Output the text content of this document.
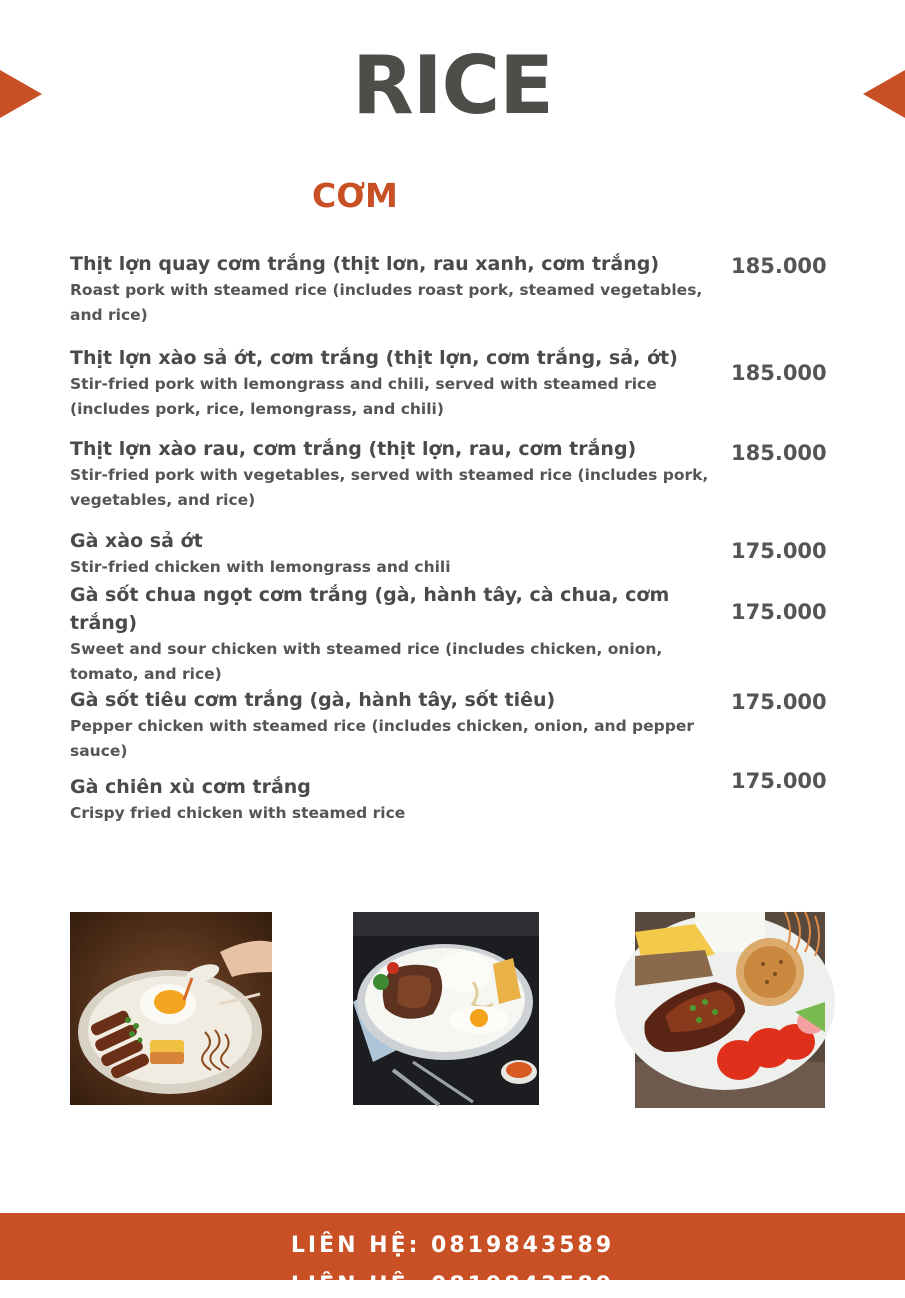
RICE
CƠM
Thịt lợn quay cơm trắng (thịt lơn, rau xanh, cơm trắng)
Roast pork with steamed rice (includes roast pork, steamed vegetables, and rice)
185.000
Thịt lợn xào sả ớt, cơm trắng (thịt lợn, cơm trắng, sả, ớt)
Stir-fried pork with lemongrass and chili, served with steamed rice (includes pork, rice, lemongrass, and chili)
185.000
Thịt lợn xào rau, cơm trắng (thịt lợn, rau, cơm trắng)
Stir-fried pork with vegetables, served with steamed rice (includes pork, vegetables, and rice)
185.000
Gà xào sả ớt
Stir-fried chicken with lemongrass and chili
175.000
Gà sốt chua ngọt cơm trắng (gà, hành tây, cà chua, cơm trắng)
Sweet and sour chicken with steamed rice (includes chicken, onion, tomato, and rice)
175.000
Gà sốt tiêu cơm trắng (gà, hành tây, sốt tiêu)
Pepper chicken with steamed rice (includes chicken, onion, and pepper sauce)
175.000
Gà chiên xù cơm trắng
Crispy fried chicken with steamed rice
175.000
LIÊN HỆ: 0819843589
LIÊN HỆ: 0819843589
